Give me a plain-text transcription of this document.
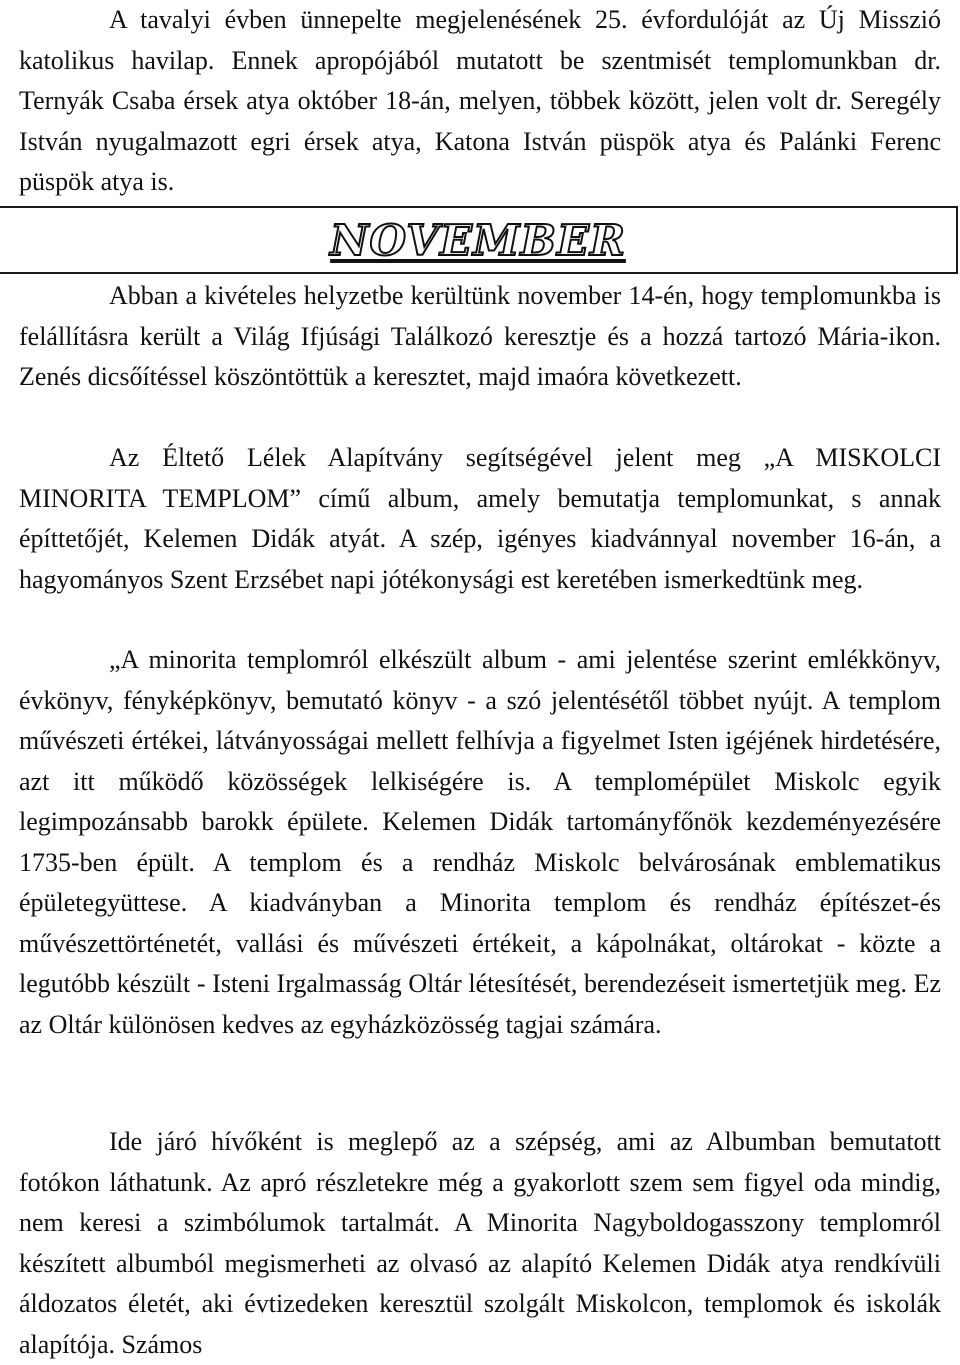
A tavalyi évben ünnepelte megjelenésének 25. évfordulóját az Új Misszió katolikus havilap. Ennek apropójából mutatott be szentmisét templomunkban dr. Ternyák Csaba érsek atya október 18-án, melyen, többek között, jelen volt dr. Seregély István nyugalmazott egri érsek atya, Katona István püspök atya és Palánki Ferenc püspök atya is.

NOVEMBER

Abban a kivételes helyzetbe kerültünk november 14-én, hogy templomunkba is felállításra került a Világ Ifjúsági Találkozó keresztje és a hozzá tartozó Mária-ikon. Zenés dicsőítéssel köszöntöttük a keresztet, majd imaóra következett.

Az Éltető Lélek Alapítvány segítségével jelent meg „A MISKOLCI MINORITA TEMPLOM” című album, amely bemutatja templomunkat, s annak építtetőjét, Kelemen Didák atyát. A szép, igényes kiadvánnyal november 16-án, a hagyományos Szent Erzsébet napi jótékonysági est keretében ismerkedtünk meg.

„A minorita templomról elkészült album - ami jelentése szerint emlékkönyv, évkönyv, fényképkönyv, bemutató könyv - a szó jelentésétől többet nyújt. A templom művészeti értékei, látványosságai mellett felhívja a figyelmet Isten igéjének hirdetésére, azt itt működő közösségek lelkiségére is. A templomépület Miskolc egyik legimpozánsabb barokk épülete. Kelemen Didák tartományfőnök kezdeményezésére 1735-ben épült. A templom és a rendház Miskolc belvárosának emblematikus épületegyüttese. A kiadványban a Minorita templom és rendház építészet-és művészettörténetét, vallási és művészeti értékeit, a kápolnákat, oltárokat - közte a legutóbb készült - Isteni Irgalmasság Oltár létesítését, berendezéseit ismertetjük meg. Ez az Oltár különösen kedves az egyházközösség tagjai számára.

Ide járó hívőként is meglepő az a szépség, ami az Albumban bemutatott fotókon láthatunk. Az apró részletekre még a gyakorlott szem sem figyel oda mindig, nem keresi a szimbólumok tartalmát. A Minorita Nagyboldogasszony templomról készített albumból megismerheti az olvasó az alapító Kelemen Didák atya rendkívüli áldozatos életét, aki évtizedeken keresztül szolgált Miskolcon, templomok és iskolák alapítója. Számos
